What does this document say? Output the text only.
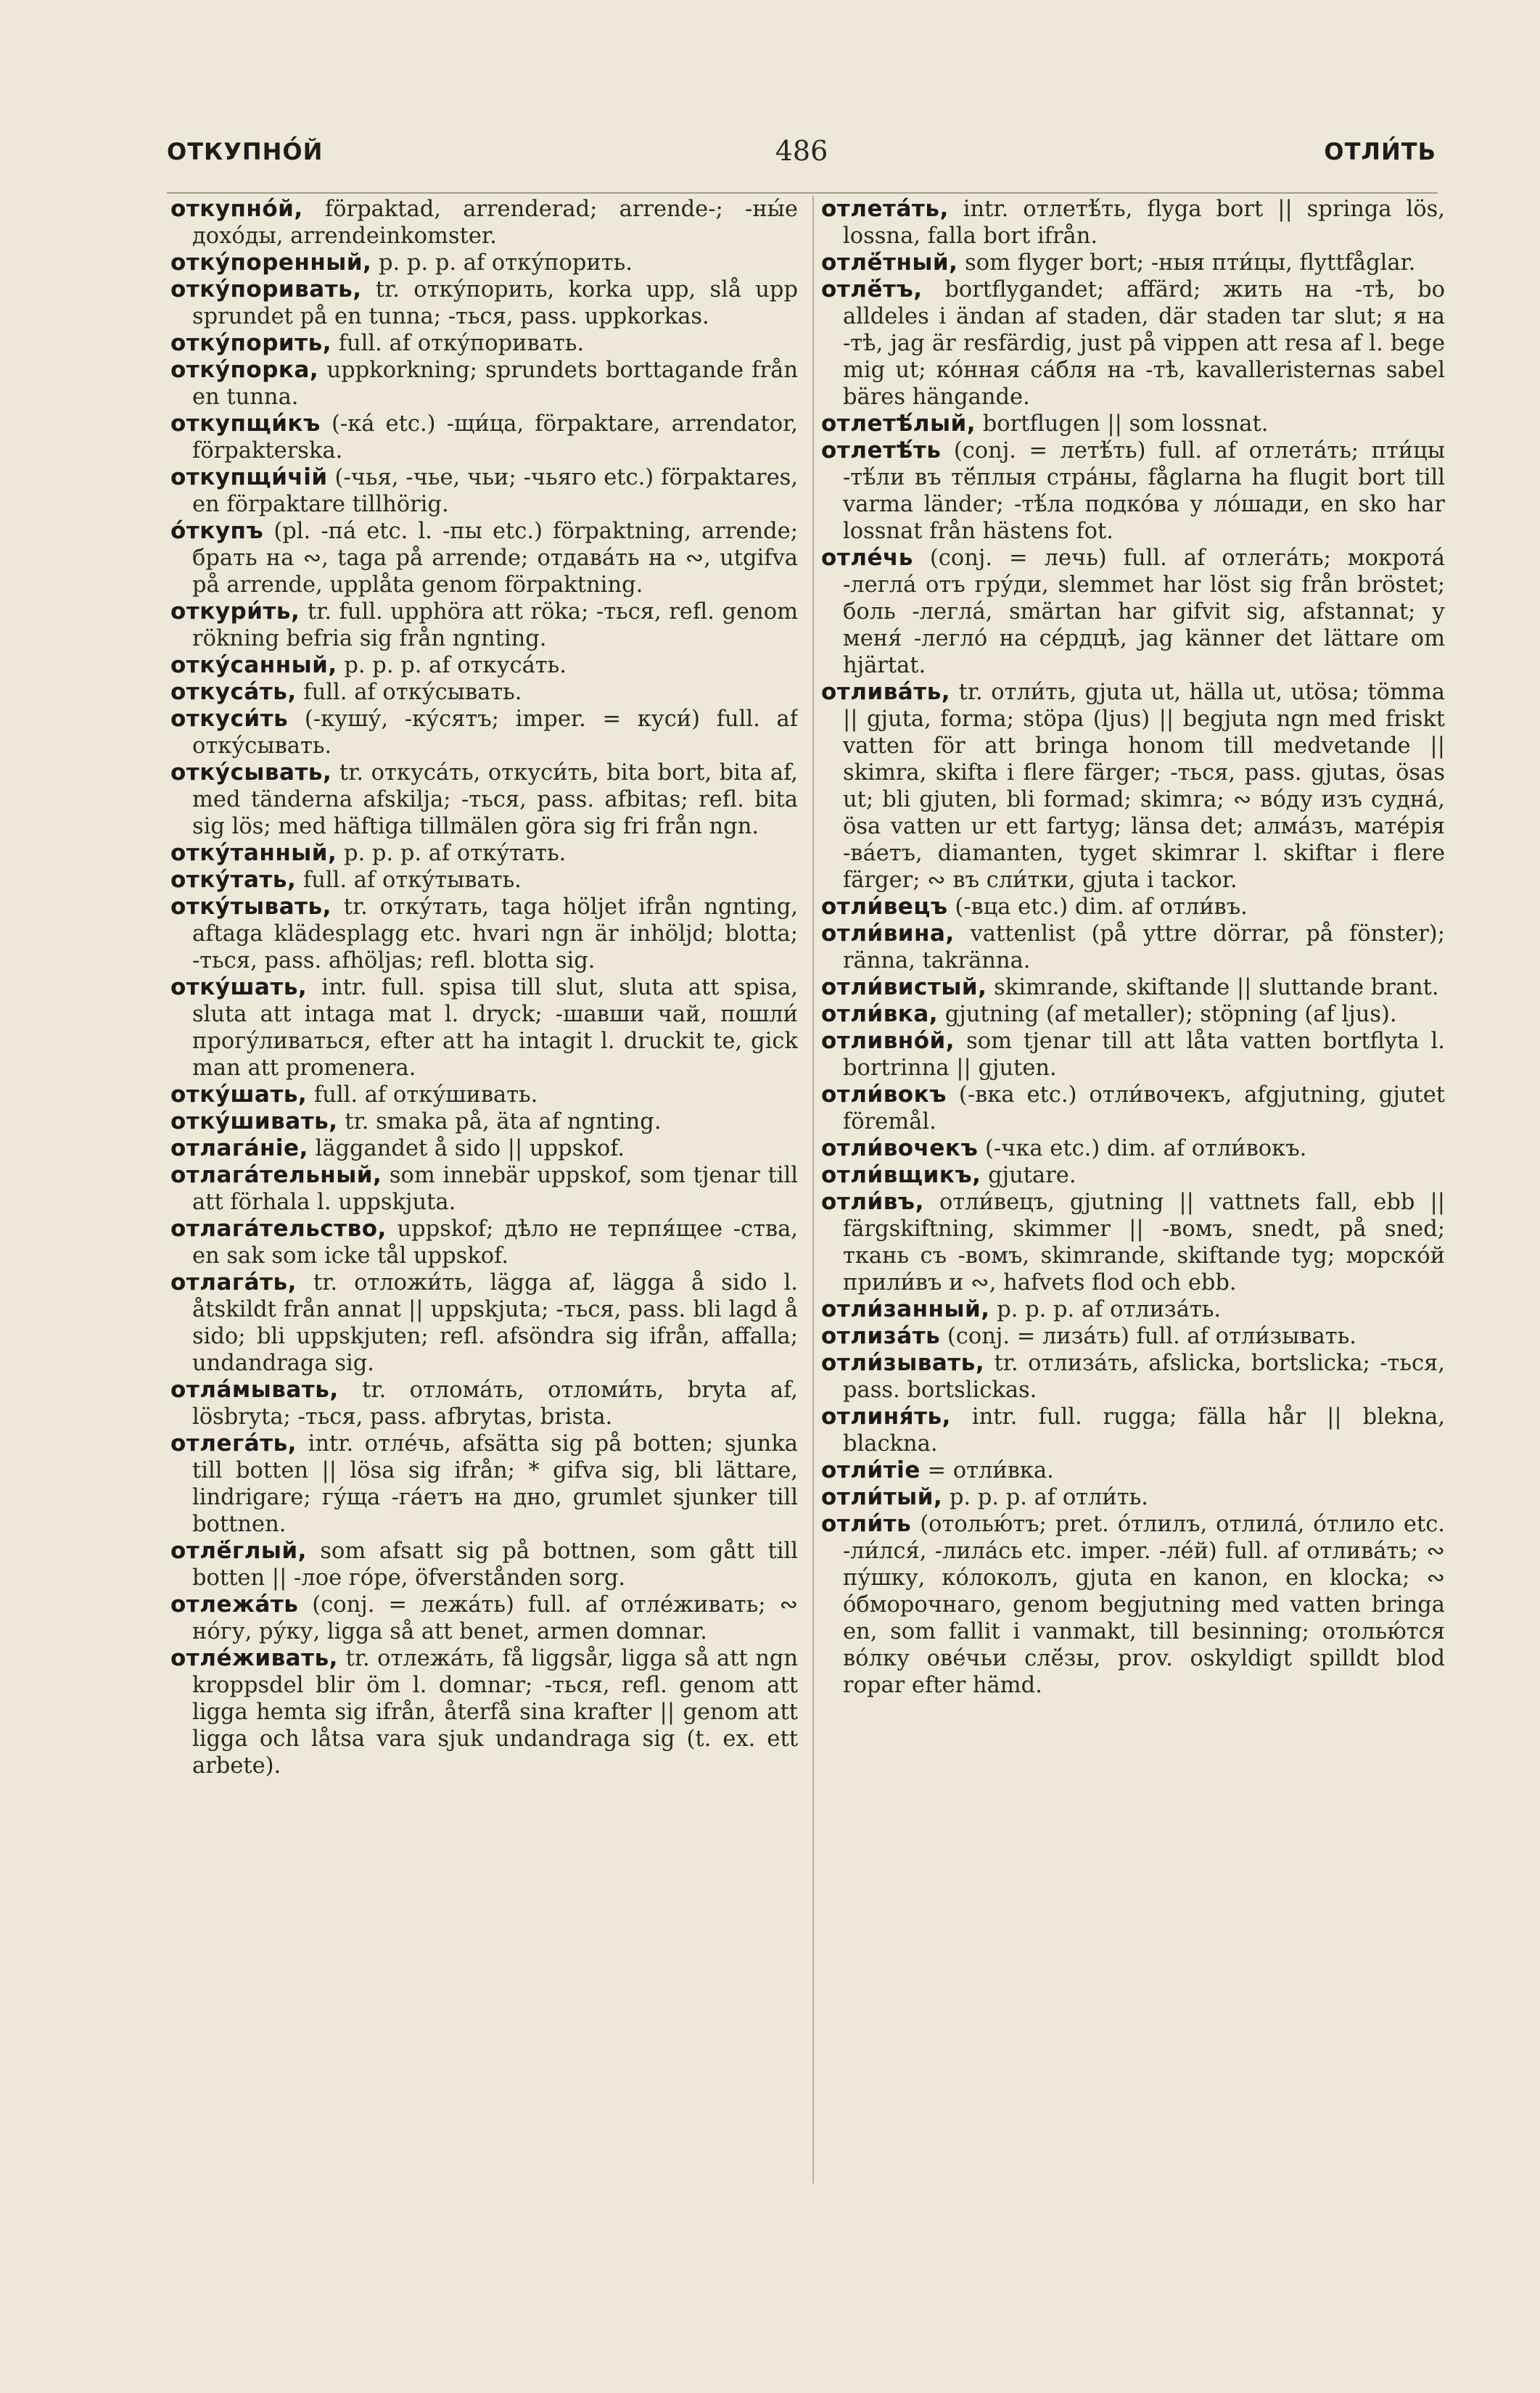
ОТКУПНО́Й	486	ОТЛИ́ТЬ

откупно́й, förpaktad, arrenderad; arrende-; -ны́е дохо́ды, arrendeinkomster.

отку́поренный, p. p. p. af отку́порить.

отку́поривать, tr. отку́порить, korka upp, slå upp sprundet på en tunna; -ться, pass. uppkorkas.

отку́порить, full. af отку́поривать.

отку́порка, uppkorkning; sprundets borttagande från en tunna.

откупщи́къ (-ка́ etc.) -щи́ца, förpaktare, arrendator, förpakterska.

откупщи́чій (-чья, -чье, чьи; -чьяго etc.) förpaktares, en förpaktare tillhörig.

о́ткупъ (pl. -па́ etc. l. -пы etc.) förpaktning, arrende; брать на ∾, taga på arrende; отдава́ть на ∾, utgifva på arrende, upplåta genom förpaktning.

откури́ть, tr. full. upphöra att röka; -ться, refl. genom rökning befria sig från ngnting.

отку́санный, p. p. p. af откуса́ть.

откуса́ть, full. af отку́сывать.

откуси́ть (-кушу́, -ку́сятъ; imper. = куси́) full. af отку́сывать.

отку́сывать, tr. откуса́ть, откуси́ть, bita bort, bita af, med tänderna afskilja; -ться, pass. afbitas; refl. bita sig lös; med häftiga tillmälen göra sig fri från ngn.

отку́танный, p. p. p. af отку́тать.

отку́тать, full. af отку́тывать.

отку́тывать, tr. отку́тать, taga höljet ifrån ngnting, aftaga klädesplagg etc. hvari ngn är inhöljd; blotta; -ться, pass. afhöljas; refl. blotta sig.

отку́шать, intr. full. spisa till slut, sluta att spisa, sluta att intaga mat l. dryck; -шавши чай, пошли́ прогу́ливаться, efter att ha intagit l. druckit te, gick man att promenera.

отку́шать, full. af отку́шивать.

отку́шивать, tr. smaka på, äta af ngnting.

отлага́ніе, läggandet å sido || uppskof.

отлага́тельный, som innebär uppskof, som tjenar till att förhala l. uppskjuta.

отлага́тельство, uppskof; дѣло не терпя́щее -ства, en sak som icke tål uppskof.

отлага́ть, tr. отложи́ть, lägga af, lägga å sido l. åtskildt från annat || uppskjuta; -ться, pass. bli lagd å sido; bli uppskjuten; refl. afsöndra sig ifrån, affalla; undandraga sig.

отла́мывать, tr. отлома́ть, отломи́ть, bryta af, lösbryta; -ться, pass. afbrytas, brista.

отлега́ть, intr. отле́чь, afsätta sig på botten; sjunka till botten || lösa sig ifrån; * gifva sig, bli lättare, lindrigare; гу́ща -га́етъ на дно, grumlet sjunker till bottnen.

отлё́глый, som afsatt sig på bottnen, som gått till botten || -лое го́ре, öfverstånden sorg.

отлежа́ть (conj. = лежа́ть) full. af отле́живать; ∾ но́гу, ру́ку, ligga så att benet, armen domnar.

отле́живать, tr. отлежа́ть, få liggsår, ligga så att ngn kroppsdel blir öm l. domnar; -ться, refl. genom att ligga hemta sig ifrån, återfå sina krafter || genom att ligga och låtsa vara sjuk undandraga sig (t. ex. ett arbete).

отлета́ть, intr. отлетѣ́ть, flyga bort || springa lös, lossna, falla bort ifrån.

отлё́тный, som flyger bort; -ныя пти́цы, flyttfåglar.

отлё́тъ, bortflygandet; affärd; жить на -тѣ, bo alldeles i ändan af staden, där staden tar slut; я на -тѣ, jag är resfärdig, just på vippen att resa af l. bege mig ut; ко́нная са́бля на -тѣ, kavalleristernas sabel bäres hängande.

отлетѣ́лый, bortflugen || som lossnat.

отлетѣ́ть (conj. = летѣ́ть) full. af отлета́ть; пти́цы -тѣ́ли въ тё́плыя стра́ны, fåglarna ha flugit bort till varma länder; -тѣ́ла подко́ва у ло́шади, en sko har lossnat från hästens fot.

отле́чь (conj. = лечь) full. af отлега́ть; мокрота́ -легла́ отъ гру́ди, slemmet har löst sig från bröstet; боль -легла́, smärtan har gifvit sig, afstannat; у меня́ -легло́ на се́рдцѣ, jag känner det lättare om hjärtat.

отлива́ть, tr. отли́ть, gjuta ut, hälla ut, utösa; tömma || gjuta, forma; stöpa (ljus) || begjuta ngn med friskt vatten för att bringa honom till medvetande || skimra, skifta i flere färger; -ться, pass. gjutas, ösas ut; bli gjuten, bli formad; skimra; ∾ во́ду изъ судна́, ösa vatten ur ett fartyg; länsa det; алма́зъ, мате́рія -ва́етъ, diamanten, tyget skimrar l. skiftar i flere färger; ∾ въ сли́тки, gjuta i tackor.

отли́вецъ (-вца etc.) dim. af отли́въ.

отли́вина, vattenlist (på yttre dörrar, på fönster); ränna, takränna.

отли́вистый, skimrande, skiftande || sluttande brant.

отли́вка, gjutning (af metaller); stöpning (af ljus).

отливно́й, som tjenar till att låta vatten bortflyta l. bortrinna || gjuten.

отли́вокъ (-вка etc.) отли́вочекъ, afgjutning, gjutet föremål.

отли́вочекъ (-чка etc.) dim. af отли́вокъ.

отли́вщикъ, gjutare.

отли́въ, отли́вецъ, gjutning || vattnets fall, ebb || färgskiftning, skimmer || -вомъ, snedt, på sned; ткань съ -вомъ, skimrande, skiftande tyg; морско́й прили́въ и ∾, hafvets flod och ebb.

отли́занный, p. p. p. af отлиза́ть.

отлиза́ть (conj. = лиза́ть) full. af отли́зывать.

отли́зывать, tr. отлиза́ть, afslicka, bortslicka; -ться, pass. bortslickas.

отлиня́ть, intr. full. rugga; fälla hår || blekna, blackna.

отли́тіе = отли́вка.

отли́тый, p. p. p. af отли́ть.

отли́ть (отолью́тъ; pret. о́тлилъ, отлила́, о́тлило etc. -ли́лся́, -лила́сь etc. imper. -ле́й) full. af отлива́ть; ∾ пу́шку, ко́локолъ, gjuta en kanon, en klocka; ∾ о́бморочнаго, genom begjutning med vatten bringa en, som fallit i vanmakt, till besinning; отолью́тся во́лку ове́чьи слё́зы, prov. oskyldigt spilldt blod ropar efter hämd.
